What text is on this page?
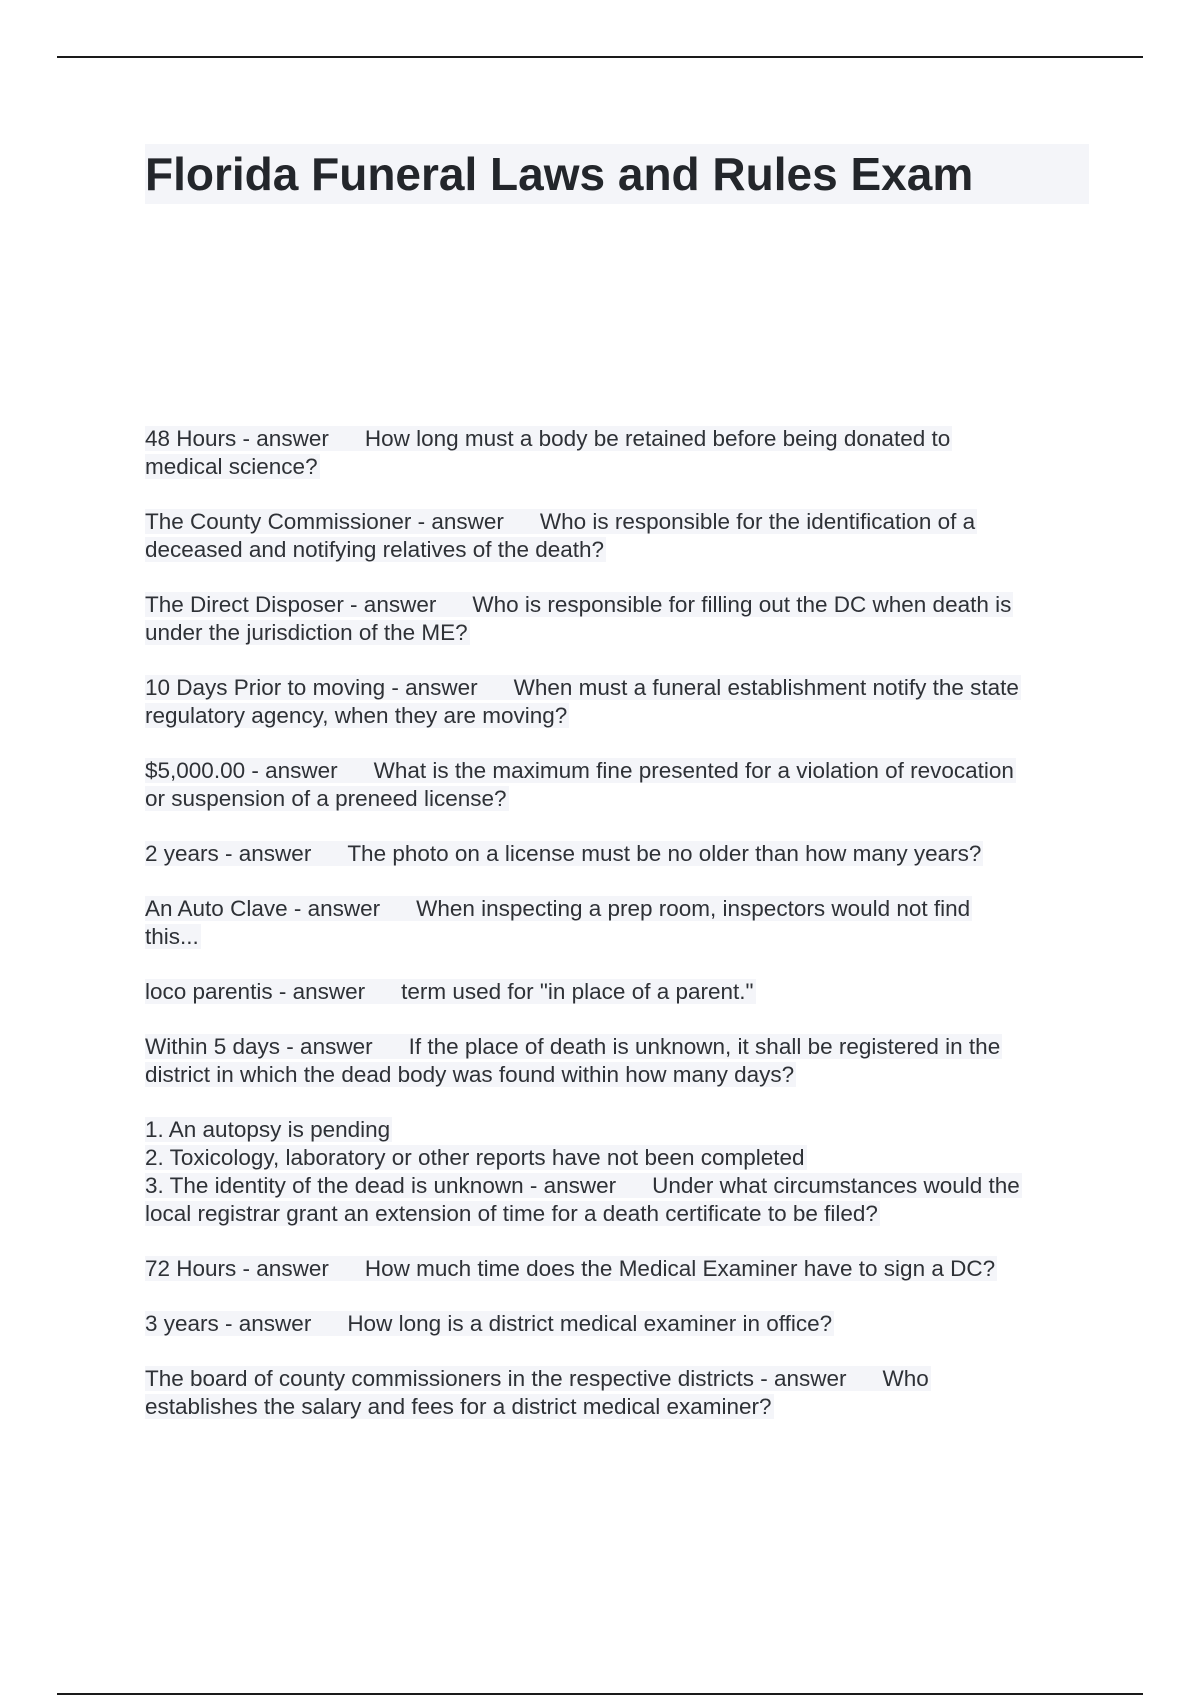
Florida Funeral Laws and Rules Exam

48 Hours - answer How long must a body be retained before being donated to
medical science?

The County Commissioner - answer Who is responsible for the identification of a
deceased and notifying relatives of the death?

The Direct Disposer - answer Who is responsible for filling out the DC when death is
under the jurisdiction of the ME?

10 Days Prior to moving - answer When must a funeral establishment notify the state
regulatory agency, when they are moving?

$5,000.00 - answer What is the maximum fine presented for a violation of revocation
or suspension of a preneed license?

2 years - answer The photo on a license must be no older than how many years?

An Auto Clave - answer When inspecting a prep room, inspectors would not find
this...

loco parentis - answer term used for "in place of a parent."

Within 5 days - answer If the place of death is unknown, it shall be registered in the
district in which the dead body was found within how many days?

1. An autopsy is pending
2. Toxicology, laboratory or other reports have not been completed
3. The identity of the dead is unknown - answer Under what circumstances would the
local registrar grant an extension of time for a death certificate to be filed?

72 Hours - answer How much time does the Medical Examiner have to sign a DC?

3 years - answer How long is a district medical examiner in office?

The board of county commissioners in the respective districts - answer Who
establishes the salary and fees for a district medical examiner?
